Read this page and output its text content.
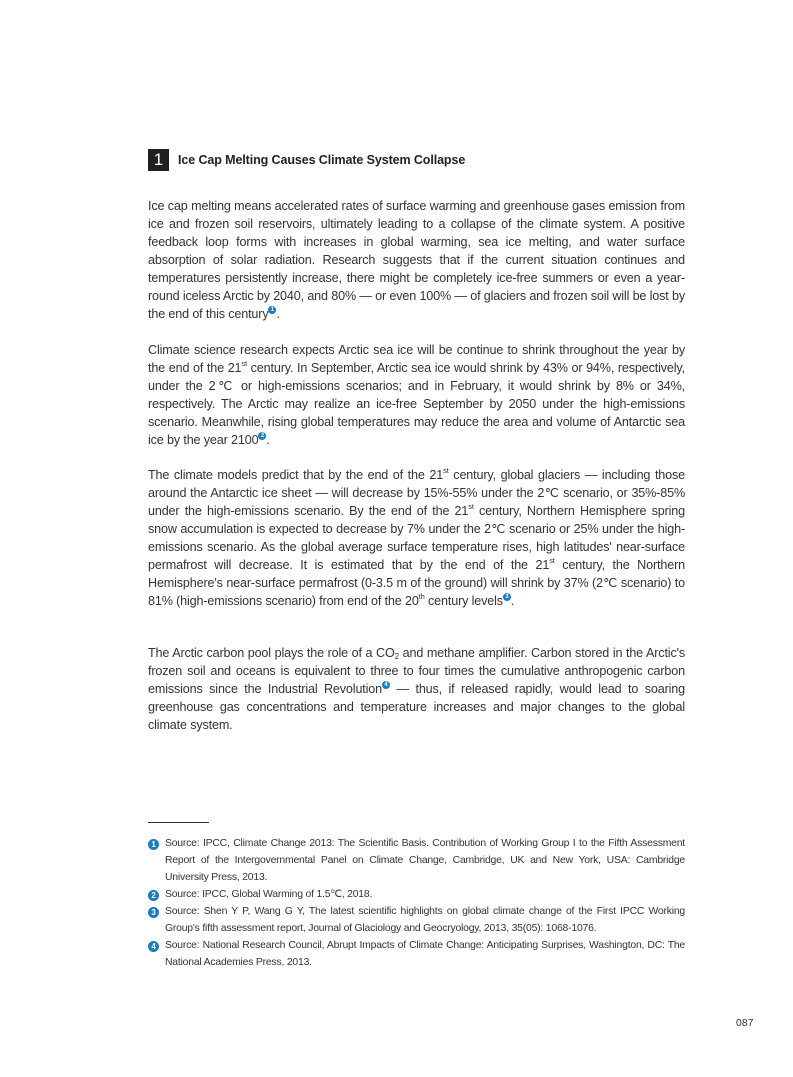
1	Ice Cap Melting Causes Climate System Collapse

Ice cap melting means accelerated rates of surface warming and greenhouse gases emission from ice and frozen soil reservoirs, ultimately leading to a collapse of the climate system. A positive feedback loop forms with increases in global warming, sea ice melting, and water surface absorption of solar radiation. Research suggests that if the current situation continues and temperatures persistently increase, there might be completely ice-free summers or even a year-round iceless Arctic by 2040, and 80% — or even 100% — of glaciers and frozen soil will be lost by the end of this century 1 .

Climate science research expects Arctic sea ice will be continue to shrink throughout the year by the end of the 21st century. In September, Arctic sea ice would shrink by 43% or 94%, respectively, under the 2℃ or high-emissions scenarios; and in February, it would shrink by 8% or 34%, respectively. The Arctic may realize an ice-free September by 2050 under the high-emissions scenario. Meanwhile, rising global temperatures may reduce the area and volume of Antarctic sea ice by the year 2100 2 .

The climate models predict that by the end of the 21st century, global glaciers — including those around the Antarctic ice sheet — will decrease by 15%-55% under the 2℃ scenario, or 35%-85% under the high-emissions scenario. By the end of the 21st century, Northern Hemisphere spring snow accumulation is expected to decrease by 7% under the 2℃ scenario or 25% under the high-emissions scenario. As the global average surface temperature rises, high latitudes' near-surface permafrost will decrease. It is estimated that by the end of the 21st century, the Northern Hemisphere's near-surface permafrost (0-3.5 m of the ground) will shrink by 37% (2℃ scenario) to 81% (high-emissions scenario) from end of the 20th century levels 3 .

The Arctic carbon pool plays the role of a $CO_2$ and methane amplifier. Carbon stored in the Arctic's frozen soil and oceans is equivalent to three to four times the cumulative anthropogenic carbon emissions since the Industrial Revolution 4 — thus, if released rapidly, would lead to soaring greenhouse gas concentrations and temperature increases and major changes to the global climate system.

1 Source: IPCC, Climate Change 2013: The Scientific Basis. Contribution of Working Group I to the Fifth Assessment Report of the Intergovernmental Panel on Climate Change, Cambridge, UK and New York, USA: Cambridge University Press, 2013.
2 Source: IPCC, Global Warming of 1.5℃, 2018.
3 Source: Shen Y P, Wang G Y, The latest scientific highlights on global climate change of the First IPCC Working Group's fifth assessment report, Journal of Glaciology and Geocryology, 2013, 35(05): 1068-1076.
4 Source: National Research Council, Abrupt Impacts of Climate Change: Anticipating Surprises, Washington, DC: The National Academies Press, 2013.
087
